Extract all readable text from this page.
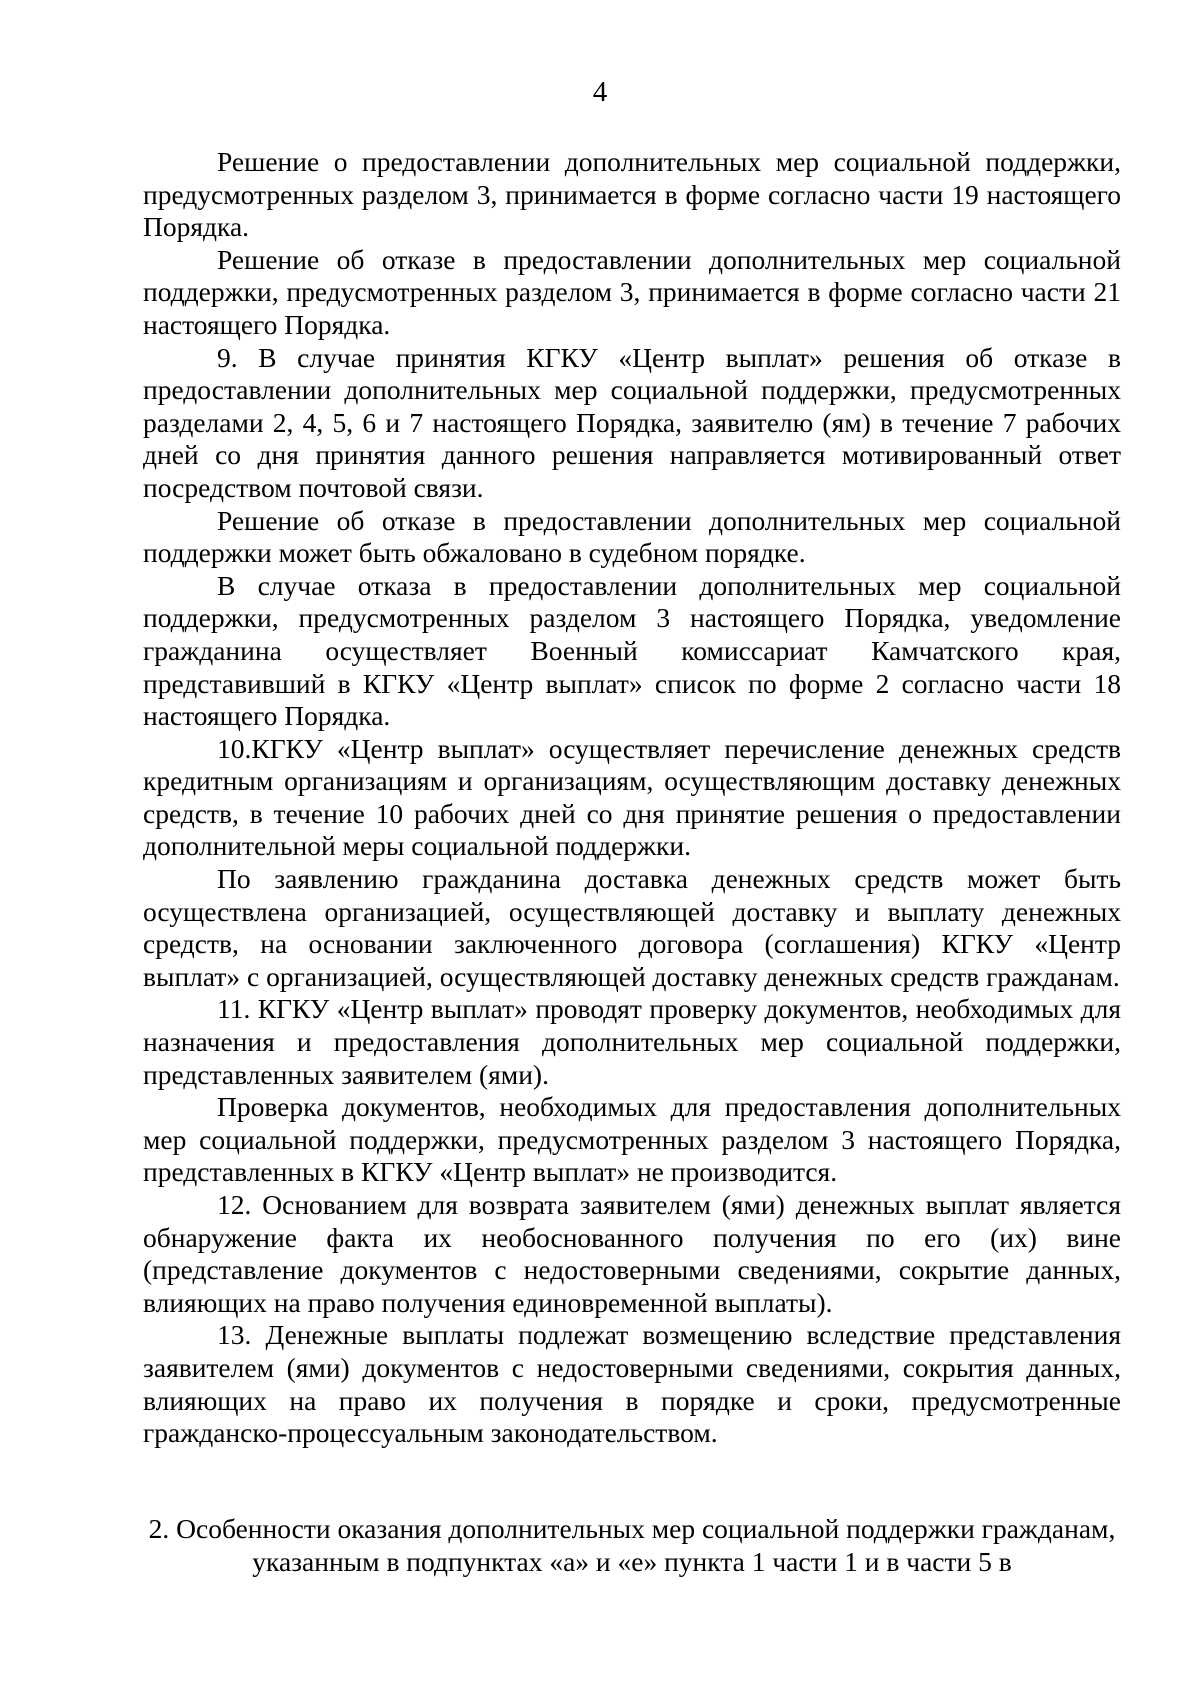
4

Решение о предоставлении дополнительных мер социальной поддержки, предусмотренных разделом 3, принимается в форме согласно части 19 настоящего Порядка.

Решение об отказе в предоставлении дополнительных мер социальной поддержки, предусмотренных разделом 3, принимается в форме согласно части 21 настоящего Порядка.

9. В случае принятия КГКУ «Центр выплат» решения об отказе в предоставлении дополнительных мер социальной поддержки, предусмотренных разделами 2, 4, 5, 6 и 7 настоящего Порядка, заявителю (ям) в течение 7 рабочих дней со дня принятия данного решения направляется мотивированный ответ посредством почтовой связи.

Решение об отказе в предоставлении дополнительных мер социальной поддержки может быть обжаловано в судебном порядке.

В случае отказа в предоставлении дополнительных мер социальной поддержки, предусмотренных разделом 3 настоящего Порядка, уведомление гражданина осуществляет Военный комиссариат Камчатского края, представивший в КГКУ «Центр выплат» список по форме 2 согласно части 18 настоящего Порядка.

10.КГКУ «Центр выплат» осуществляет перечисление денежных средств кредитным организациям и организациям, осуществляющим доставку денежных средств, в течение 10 рабочих дней со дня принятие решения о предоставлении дополнительной меры социальной поддержки.

По заявлению гражданина доставка денежных средств может быть осуществлена организацией, осуществляющей доставку и выплату денежных средств, на основании заключенного договора (соглашения) КГКУ «Центр выплат» с организацией, осуществляющей доставку денежных средств гражданам.

11. КГКУ «Центр выплат» проводят проверку документов, необходимых для назначения и предоставления дополнительных мер социальной поддержки, представленных заявителем (ями).

Проверка документов, необходимых для предоставления дополнительных мер социальной поддержки, предусмотренных разделом 3 настоящего Порядка, представленных в КГКУ «Центр выплат» не производится.

12. Основанием для возврата заявителем (ями) денежных выплат является обнаружение факта их необоснованного получения по его (их) вине (представление документов с недостоверными сведениями, сокрытие данных, влияющих на право получения единовременной выплаты).

13. Денежные выплаты подлежат возмещению вследствие представления заявителем (ями) документов с недостоверными сведениями, сокрытия данных, влияющих на право их получения в порядке и сроки, предусмотренные гражданско-процессуальным законодательством.

2. Особенности оказания дополнительных мер социальной поддержки гражданам, указанным в подпунктах «а» и «е» пункта 1 части 1 и в части 5 в
